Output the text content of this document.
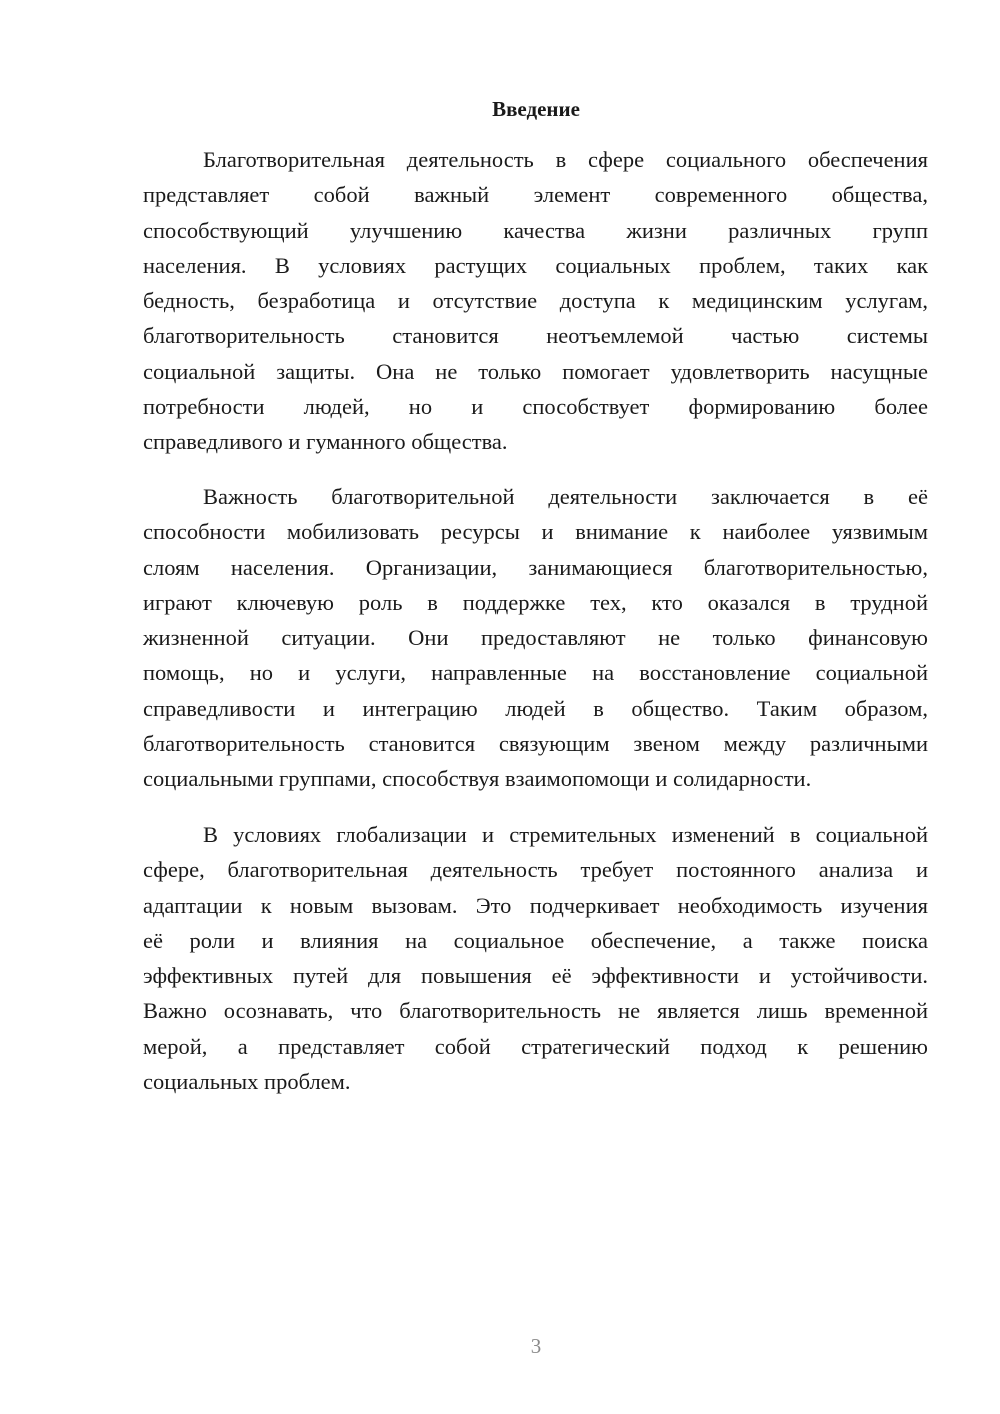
Введение
Благотворительная деятельность в сфере социального обеспечения
представляет собой важный элемент современного общества,
способствующий улучшению качества жизни различных групп
населения. В условиях растущих социальных проблем, таких как
бедность, безработица и отсутствие доступа к медицинским услугам,
благотворительность становится неотъемлемой частью системы
социальной защиты. Она не только помогает удовлетворить насущные
потребности людей, но и способствует формированию более
справедливого и гуманного общества.
Важность благотворительной деятельности заключается в её
способности мобилизовать ресурсы и внимание к наиболее уязвимым
слоям населения. Организации, занимающиеся благотворительностью,
играют ключевую роль в поддержке тех, кто оказался в трудной
жизненной ситуации. Они предоставляют не только финансовую
помощь, но и услуги, направленные на восстановление социальной
справедливости и интеграцию людей в общество. Таким образом,
благотворительность становится связующим звеном между различными
социальными группами, способствуя взаимопомощи и солидарности.
В условиях глобализации и стремительных изменений в социальной
сфере, благотворительная деятельность требует постоянного анализа и
адаптации к новым вызовам. Это подчеркивает необходимость изучения
её роли и влияния на социальное обеспечение, а также поиска
эффективных путей для повышения её эффективности и устойчивости.
Важно осознавать, что благотворительность не является лишь временной
мерой, а представляет собой стратегический подход к решению
социальных проблем.
3
